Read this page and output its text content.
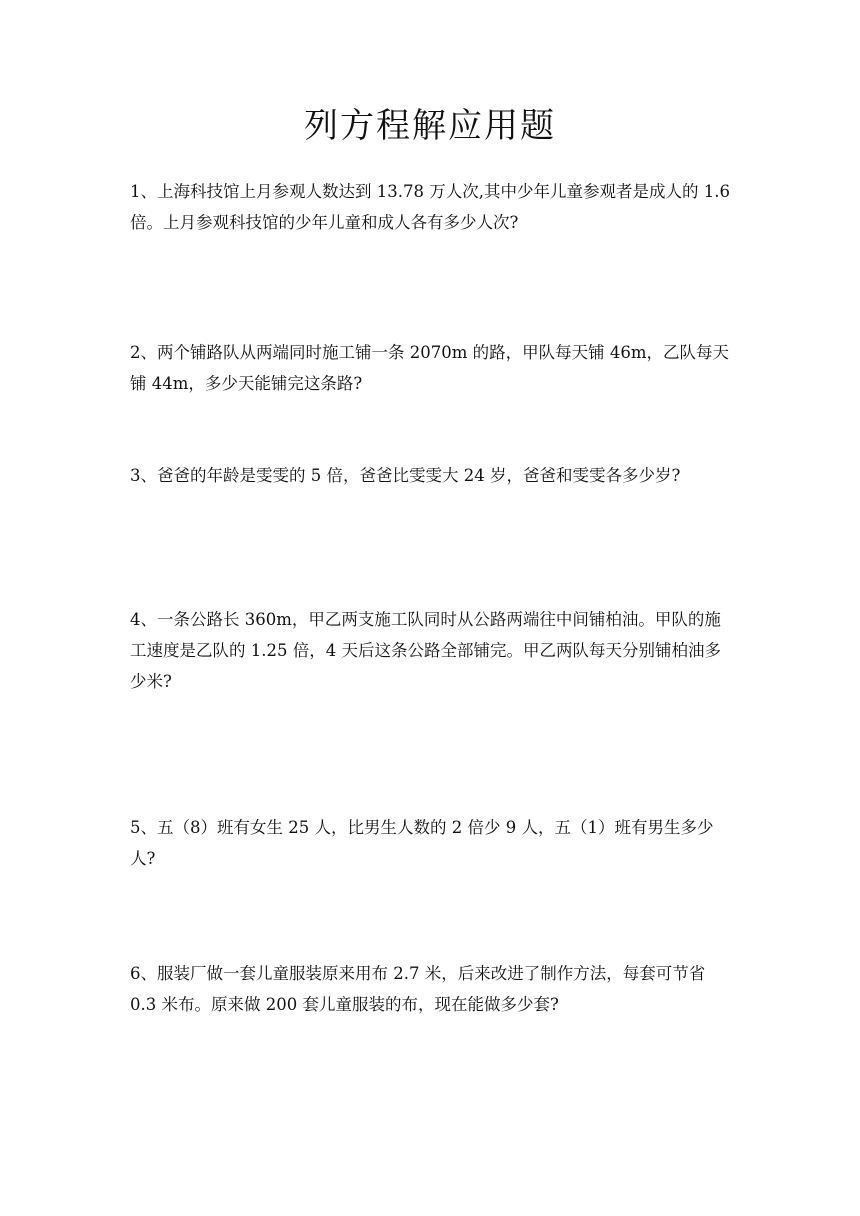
列方程解应用题

1、上海科技馆上月参观人数达到 13.78 万人次,其中少年儿童参观者是成人的 1.6 倍。上月参观科技馆的少年儿童和成人各有多少人次?

2、两个铺路队从两端同时施工铺一条 2070m 的路，甲队每天铺 46m，乙队每天铺 44m，多少天能铺完这条路?

3、爸爸的年龄是雯雯的 5 倍，爸爸比雯雯大 24 岁，爸爸和雯雯各多少岁?

4、一条公路长 360m，甲乙两支施工队同时从公路两端往中间铺柏油。甲队的施工速度是乙队的 1.25 倍，4 天后这条公路全部铺完。甲乙两队每天分别铺柏油多少米?

5、五（8）班有女生 25 人，比男生人数的 2 倍少 9 人，五（1）班有男生多少人?

6、服装厂做一套儿童服装原来用布 2.7 米，后来改进了制作方法，每套可节省 0.3 米布。原来做 200 套儿童服装的布，现在能做多少套?
